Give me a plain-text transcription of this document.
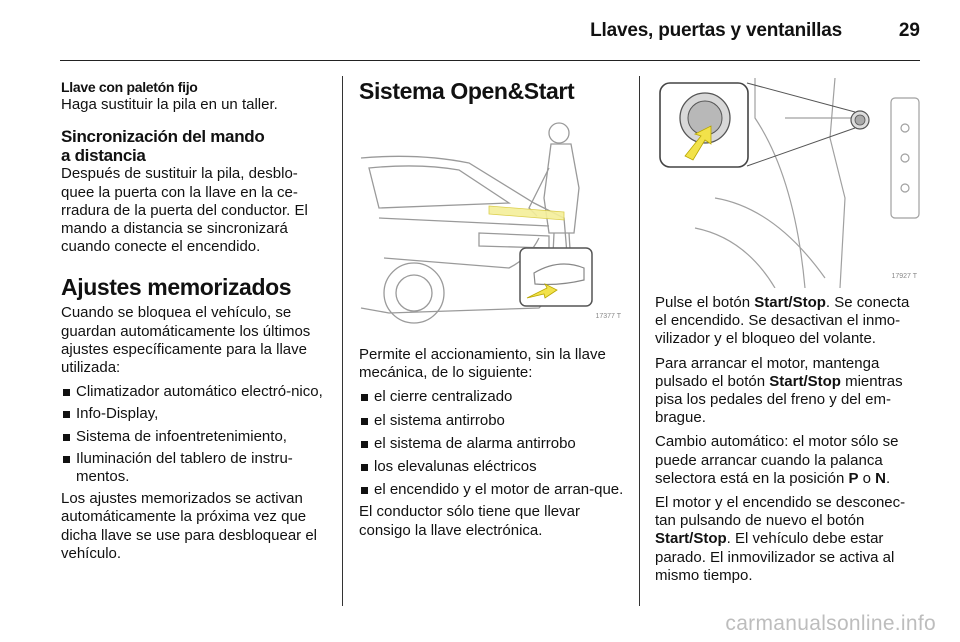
Llaves, puertas y ventanillas	29
Llave con paletón fijo

Haga sustituir la pila en un taller.

Sincronización del mando
a distancia

Después de sustituir la pila, desblo-quee la puerta con la llave en la ce-rradura de la puerta del conductor. El mando a distancia se sincronizará cuando conecte el encendido.

Ajustes memorizados

Cuando se bloquea el vehículo, se guardan automáticamente los últimos ajustes específicamente para la llave utilizada:

Climatizador automático electró-nico,
Info-Display,
Sistema de infoentretenimiento,
Iluminación del tablero de instru-mentos.

Los ajustes memorizados se activan automáticamente la próxima vez que dicha llave se use para desbloquear el vehículo.

Sistema Open&Start
17377 T

Permite el accionamiento, sin la llave mecánica, de lo siguiente:

el cierre centralizado
el sistema antirrobo
el sistema de alarma antirrobo
los elevalunas eléctricos
el encendido y el motor de arran-que.

El conductor sólo tiene que llevar consigo la llave electrónica.

17927 T

Pulse el botón Start/Stop. Se conecta el encendido. Se desactivan el inmo-vilizador y el bloqueo del volante.

Para arrancar el motor, mantenga pulsado el botón Start/Stop mientras pisa los pedales del freno y del em-brague.

Cambio automático: el motor sólo se puede arrancar cuando la palanca selectora está en la posición P o N.

El motor y el encendido se desconec-tan pulsando de nuevo el botón Start/Stop. El vehículo debe estar parado. El inmovilizador se activa al mismo tiempo.

carmanualsonline.info
